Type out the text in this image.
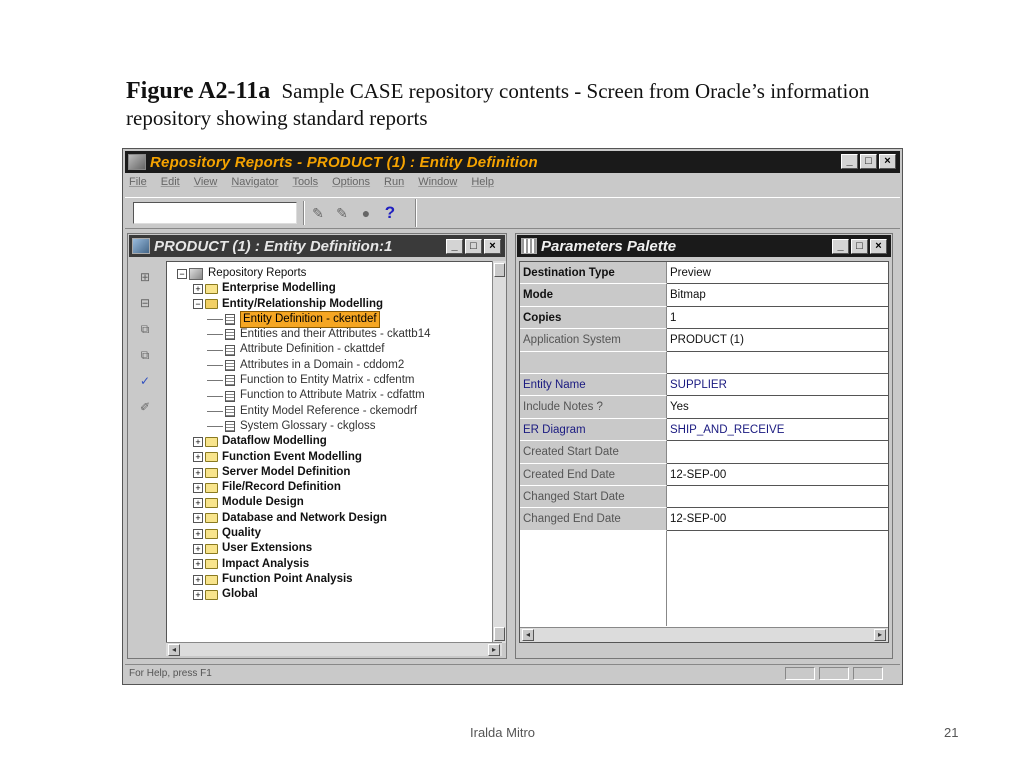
Figure A2-11a Sample CASE repository contents - Screen from Oracle’s information repository showing standard reports
Repository Reports - PRODUCT (1) : Entity Definition	_	□	×
File Edit View Navigator Tools Options Run Window Help
✎ ✎ ● ?
PRODUCT (1) : Entity Definition:1	_	□	×
⊞
⊟
⧉
⧉
✓
✐
− Repository Reports
+ Enterprise Modelling
− Entity/Relationship Modelling
Entity Definition - ckentdef
Entities and their Attributes - ckattb14
Attribute Definition - ckattdef
Attributes in a Domain - cddom2
Function to Entity Matrix - cdfentm
Function to Attribute Matrix - cdfattm
Entity Model Reference - ckemodrf
System Glossary - ckgloss
+ Dataflow Modelling
+ Function Event Modelling
+ Server Model Definition
+ File/Record Definition
+ Module Design
+ Database and Network Design
+ Quality
+ User Extensions
+ Impact Analysis
+ Function Point Analysis
+ Global
◂	▸
Parameters Palette	_	□	×
Destination Type	Preview
Mode	Bitmap
Copies	1
Application System	PRODUCT (1)
Entity Name	SUPPLIER
Include Notes ?	Yes
ER Diagram	SHIP_AND_RECEIVE
Created Start Date
Created End Date	12-SEP-00
Changed Start Date
Changed End Date	12-SEP-00
◂	▸
For Help, press F1
Iralda Mitro	21
